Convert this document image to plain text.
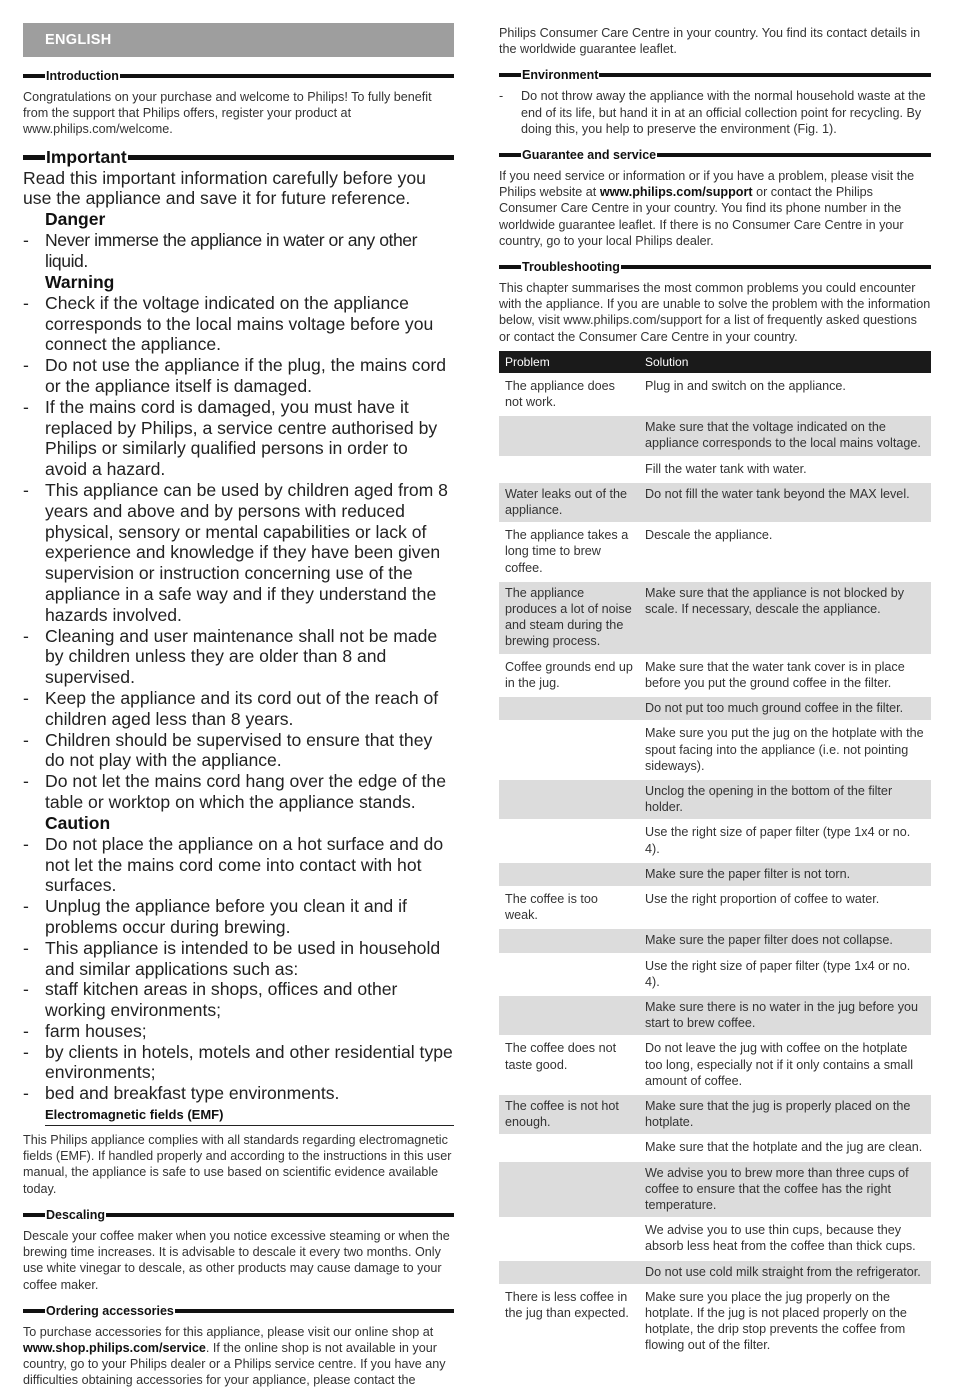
ENGLISH
Introduction

Congratulations on your purchase and welcome to Philips! To fully benefit from the support that Philips offers, register your product at www.philips.com/welcome.

Important

Read this important information carefully before you use the appliance and save it for future reference.

Danger
- Never immerse the appliance in water or any other liquid.
Warning
- Check if the voltage indicated on the appliance corresponds to the local mains voltage before you connect the appliance.
- Do not use the appliance if the plug, the mains cord or the appliance itself is damaged.
- If the mains cord is damaged, you must have it replaced by Philips, a service centre authorised by Philips or similarly qualified persons in order to avoid a hazard.
- This appliance can be used by children aged from 8 years and above and by persons with reduced physical, sensory or mental capabilities or lack of experience and knowledge if they have been given supervision or instruction concerning use of the appliance in a safe way and if they understand the hazards involved.
- Cleaning and user maintenance shall not be made by children unless they are older than 8 and supervised.
- Keep the appliance and its cord out of the reach of children aged less than 8 years.
- Children should be supervised to ensure that they do not play with the appliance.
- Do not let the mains cord hang over the edge of the table or worktop on which the appliance stands.
Caution
- Do not place the appliance on a hot surface and do not let the mains cord come into contact with hot surfaces.
- Unplug the appliance before you clean it and if problems occur during brewing.
- This appliance is intended to be used in household and similar applications such as:
- staff kitchen areas in shops, offices and other working environments;
- farm houses;
- by clients in hotels, motels and other residential type environments;
- bed and breakfast type environments.
Electromagnetic fields (EMF)

This Philips appliance complies with all standards regarding electromagnetic fields (EMF). If handled properly and according to the instructions in this user manual, the appliance is safe to use based on scientific evidence available today.

Descaling

Descale your coffee maker when you notice excessive steaming or when the brewing time increases. It is advisable to descale it every two months. Only use white vinegar to descale, as other products may cause damage to your coffee maker.

Ordering accessories

To purchase accessories for this appliance, please visit our online shop at www.shop.philips.com/service. If the online shop is not available in your country, go to your Philips dealer or a Philips service centre. If you have any difficulties obtaining accessories for your appliance, please contact the

Philips Consumer Care Centre in your country. You find its contact details in the worldwide guarantee leaflet.

Environment
- Do not throw away the appliance with the normal household waste at the end of its life, but hand it in at an official collection point for recycling. By doing this, you help to preserve the environment (Fig. 1).
Guarantee and service

If you need service or information or if you have a problem, please visit the Philips website at www.philips.com/support or contact the Philips Consumer Care Centre in your country. You find its phone number in the worldwide guarantee leaflet. If there is no Consumer Care Centre in your country, go to your local Philips dealer.

Troubleshooting

This chapter summarises the most common problems you could encounter with the appliance. If you are unable to solve the problem with the information below, visit www.philips.com/support for a list of frequently asked questions or contact the Consumer Care Centre in your country.

Problem	Solution
The appliance does not work.	Plug in and switch on the appliance.
	Make sure that the voltage indicated on the appliance corresponds to the local mains voltage.
	Fill the water tank with water.
Water leaks out of the appliance.	Do not fill the water tank beyond the MAX level.
The appliance takes a long time to brew coffee.	Descale the appliance.
The appliance produces a lot of noise and steam during the brewing process.	Make sure that the appliance is not blocked by scale. If necessary, descale the appliance.
Coffee grounds end up in the jug.	Make sure that the water tank cover is in place before you put the ground coffee in the filter.
	Do not put too much ground coffee in the filter.
	Make sure you put the jug on the hotplate with the spout facing into the appliance (i.e. not pointing sideways).
	Unclog the opening in the bottom of the filter holder.
	Use the right size of paper filter (type 1x4 or no. 4).
	Make sure the paper filter is not torn.
The coffee is too weak.	Use the right proportion of coffee to water.
	Make sure the paper filter does not collapse.
	Use the right size of paper filter (type 1x4 or no. 4).
	Make sure there is no water in the jug before you start to brew coffee.
The coffee does not taste good.	Do not leave the jug with coffee on the hotplate too long, especially not if it only contains a small amount of coffee.
The coffee is not hot enough.	Make sure that the jug is properly placed on the hotplate.
	Make sure that the hotplate and the jug are clean.
	We advise you to brew more than three cups of coffee to ensure that the coffee has the right temperature.
	We advise you to use thin cups, because they absorb less heat from the coffee than thick cups.
	Do not use cold milk straight from the refrigerator.
There is less coffee in the jug than expected.	Make sure you place the jug properly on the hotplate. If the jug is not placed properly on the hotplate, the drip stop prevents the coffee from flowing out of the filter.
